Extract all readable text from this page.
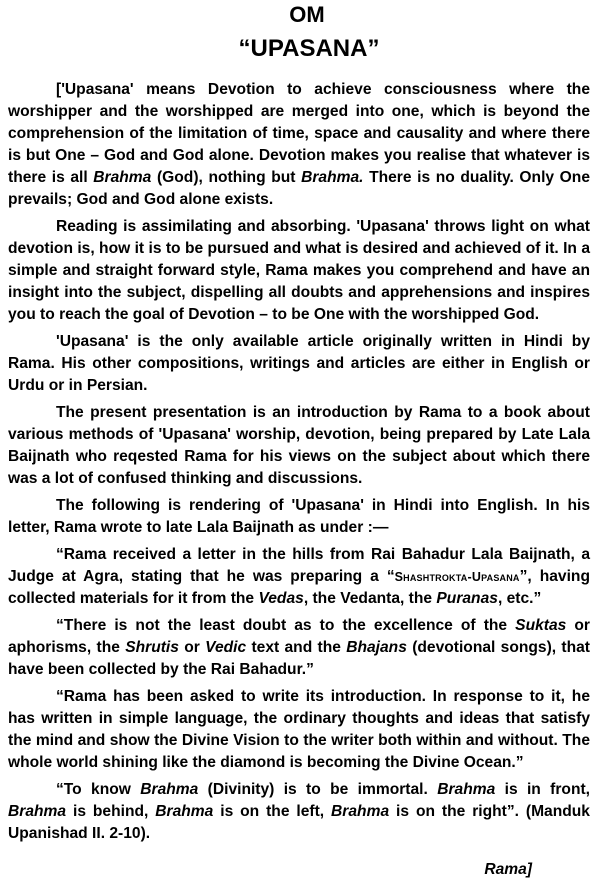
OM
“UPASANA”

['Upasana' means Devotion to achieve consciousness where the worshipper and the worshipped are merged into one, which is beyond the comprehension of the limitation of time, space and causality and where there is but One – God and God alone. Devotion makes you realise that whatever is there is all Brahma (God), nothing but Brahma. There is no duality. Only One prevails; God and God alone exists.

Reading is assimilating and absorbing. 'Upasana' throws light on what devotion is, how it is to be pursued and what is desired and achieved of it. In a simple and straight forward style, Rama makes you comprehend and have an insight into the subject, dispelling all doubts and apprehensions and inspires you to reach the goal of Devotion – to be One with the worshipped God.

'Upasana' is the only available article originally written in Hindi by Rama. His other compositions, writings and articles are either in English or Urdu or in Persian.

The present presentation is an introduction by Rama to a book about various methods of 'Upasana' worship, devotion, being prepared by Late Lala Baijnath who reqested Rama for his views on the subject about which there was a lot of confused thinking and discussions.

The following is rendering of 'Upasana' in Hindi into English. In his letter, Rama wrote to late Lala Baijnath as under :—

“Rama received a letter in the hills from Rai Bahadur Lala Baijnath, a Judge at Agra, stating that he was preparing a “Shashtrokta-Upasana”, having collected materials for it from the Vedas, the Vedanta, the Puranas, etc.”

“There is not the least doubt as to the excellence of the Suktas or aphorisms, the Shrutis or Vedic text and the Bhajans (devotional songs), that have been collected by the Rai Bahadur.”

“Rama has been asked to write its introduction. In response to it, he has written in simple language, the ordinary thoughts and ideas that satisfy the mind and show the Divine Vision to the writer both within and without. The whole world shining like the diamond is becoming the Divine Ocean.”

“To know Brahma (Divinity) is to be immortal. Brahma is in front, Brahma is behind, Brahma is on the left, Brahma is on the right”. (Manduk Upanishad II. 2-10).

Rama]
